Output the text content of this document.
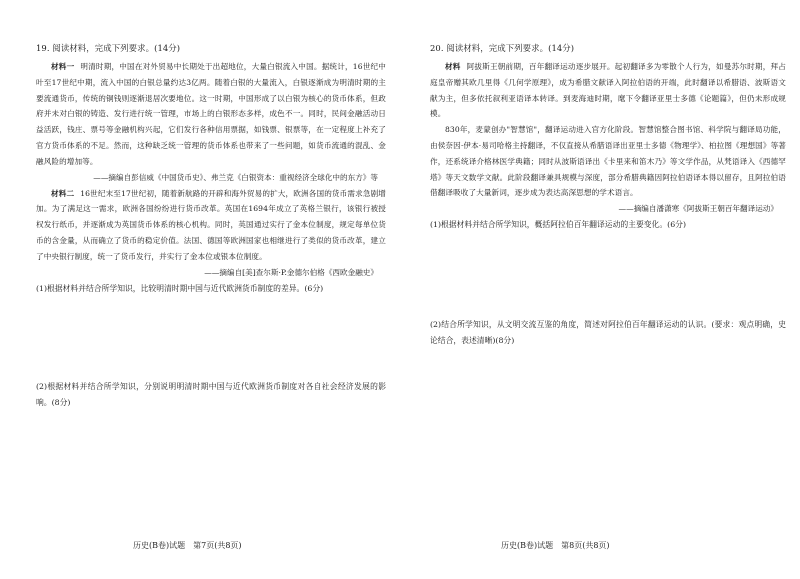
19. 阅读材料，完成下列要求。(14分)

材料一 明清时期，中国在对外贸易中长期处于出超地位，大量白银流入中国。据统计，16世纪中叶至17世纪中期，流入中国的白银总量约达3亿两。随着白银的大量流入，白银逐渐成为明清时期的主要流通货币，传统的铜钱则逐渐退居次要地位。这一时期，中国形成了以白银为核心的货币体系，但政府并未对白银的铸造、发行进行统一管理，市场上的白银形态多样，成色不一。同时，民间金融活动日益活跃，钱庄、票号等金融机构兴起，它们发行各种信用票据，如钱票、银票等，在一定程度上补充了官方货币体系的不足。然而，这种缺乏统一管理的货币体系也带来了一些问题，如货币流通的混乱、金融风险的增加等。

——摘编自彭信威《中国货币史》、弗兰克《白银资本：重视经济全球化中的东方》等

材料二 16世纪末至17世纪初，随着新航路的开辟和海外贸易的扩大，欧洲各国的货币需求急剧增加。为了满足这一需求，欧洲各国纷纷进行货币改革。英国在1694年成立了英格兰银行，该银行被授权发行纸币，并逐渐成为英国货币体系的核心机构。同时，英国通过实行了金本位制度，规定每单位货币的含金量，从而确立了货币的稳定价值。法国、德国等欧洲国家也相继进行了类似的货币改革，建立了中央银行制度，统一了货币发行，并实行了金本位或银本位制度。

——摘编自[美]查尔斯·P.金德尔伯格《西欧金融史》

(1)根据材料并结合所学知识，比较明清时期中国与近代欧洲货币制度的差异。(6分)

(2)根据材料并结合所学知识，分别说明明清时期中国与近代欧洲货币制度对各自社会经济发展的影响。(8分)

20. 阅读材料，完成下列要求。(14分)

材料 阿拔斯王朝前期，百年翻译运动逐步展开。起初翻译多为零散个人行为，如曼苏尔时期，拜占庭皇帝赠其欧几里得《几何学原理》，成为希腊文献译入阿拉伯语的开端，此时翻译以希腊语、波斯语文献为主，但多依托叙利亚语译本转译。到麦海迪时期，麾下令翻译亚里士多德《论题篇》，但仍未形成规模。

830年，麦蒙创办"智慧馆"，翻译运动进入官方化阶段。智慧馆整合图书馆、科学院与翻译局功能，由侯奈因·伊本·易司哈格主持翻译，不仅直接从希腊语译出亚里士多德《物理学》、柏拉图《理想国》等著作，还系统译介格林医学典籍；同时从波斯语译出《卡里来和笛木乃》等文学作品，从梵语译入《西德罕塔》等天文数学文献。此阶段翻译兼具规模与深度，部分希腊典籍因阿拉伯语译本得以留存，且阿拉伯语借翻译吸收了大量新词，逐步成为表达高深思想的学术语言。

——摘编自潘潇寒《阿拔斯王朝百年翻译运动》

(1)根据材料并结合所学知识，概括阿拉伯百年翻译运动的主要变化。(6分)

(2)结合所学知识，从文明交流互鉴的角度，简述对阿拉伯百年翻译运动的认识。(要求：观点明确，史论结合，表述清晰)(8分)

历史(B卷)试题　第7页(共8页)	历史(B卷)试题　第8页(共8页)
